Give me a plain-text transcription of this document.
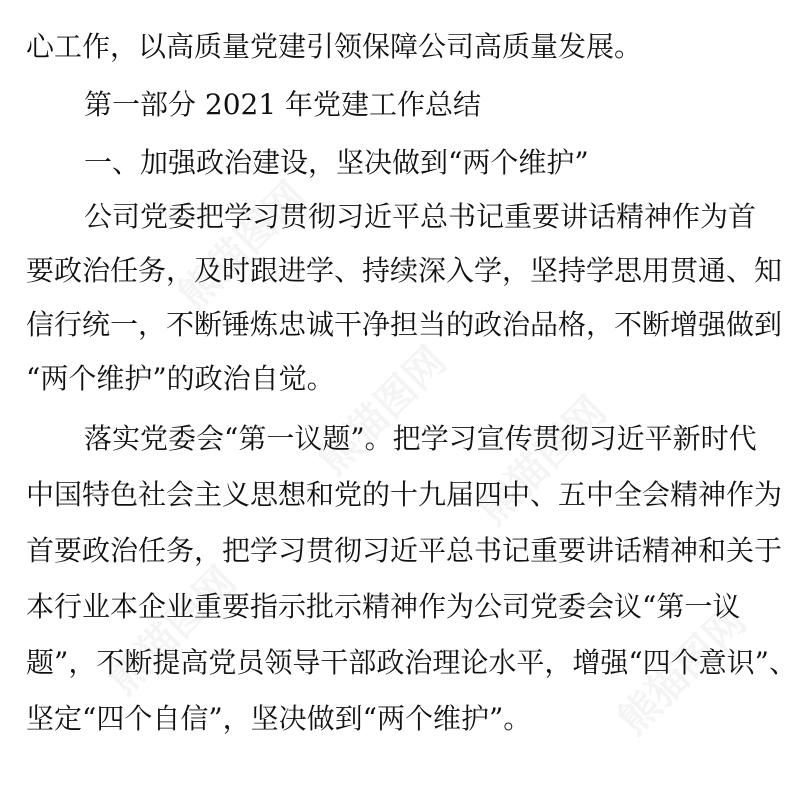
熊猫图网
熊猫图网 熊猫图网
熊猫图网	熊猫图网
心工作，以高质量党建引领保障公司高质量发展。
第一部分 2021 年党建工作总结
一、加强政治建设，坚决做到“两个维护”
公司党委把学习贯彻习近平总书记重要讲话精神作为首
要政治任务，及时跟进学、持续深入学，坚持学思用贯通、知
信行统一，不断锤炼忠诚干净担当的政治品格，不断增强做到
“两个维护”的政治自觉。
落实党委会“第一议题”。把学习宣传贯彻习近平新时代
中国特色社会主义思想和党的十九届四中、五中全会精神作为
首要政治任务，把学习贯彻习近平总书记重要讲话精神和关于
本行业本企业重要指示批示精神作为公司党委会议“第一议
题”，不断提高党员领导干部政治理论水平，增强“四个意识”、
坚定“四个自信”，坚决做到“两个维护”。
